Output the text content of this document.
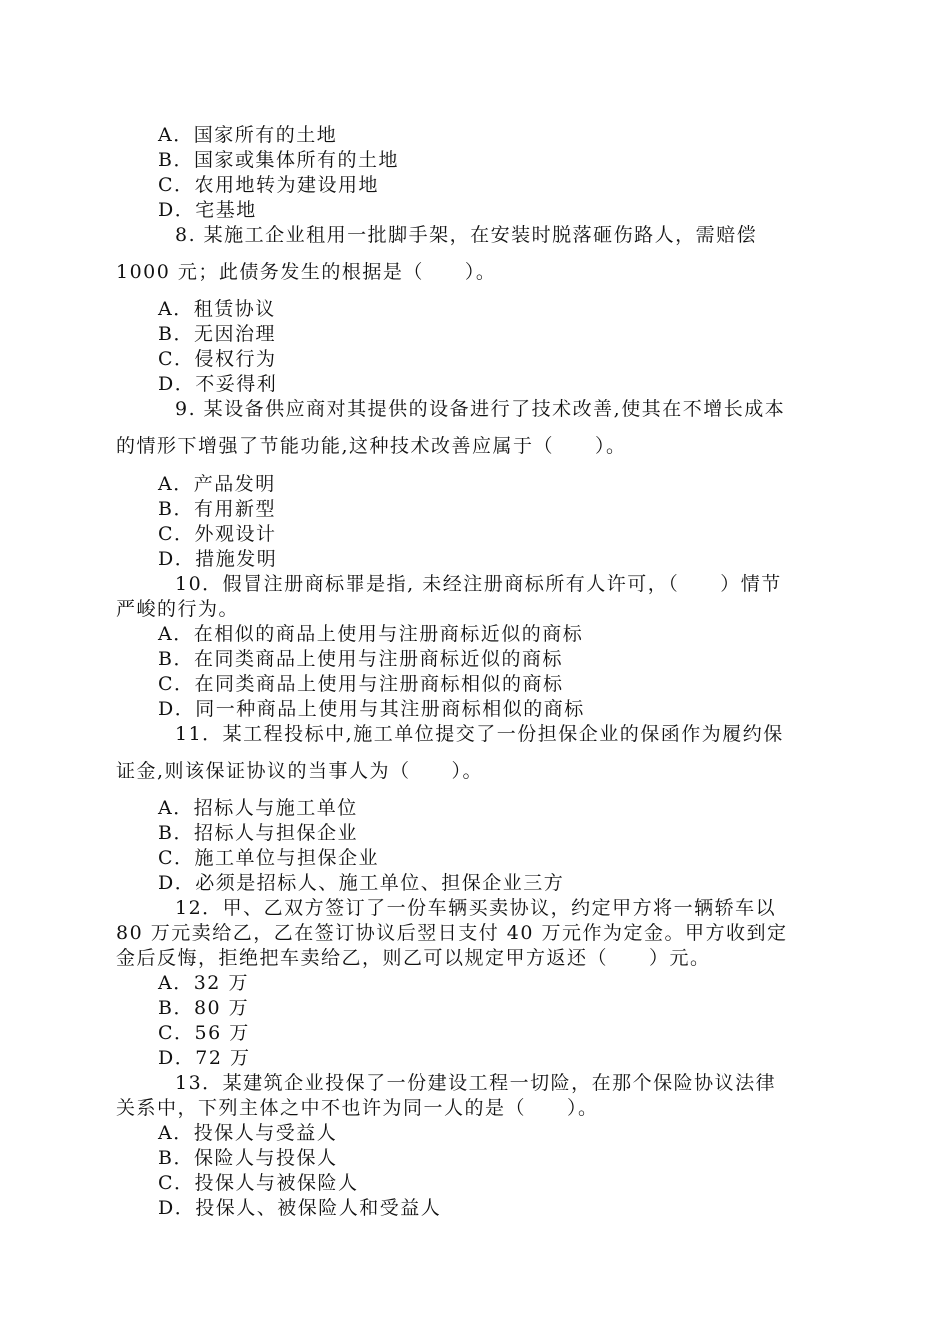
A．国家所有的土地
B．国家或集体所有的土地
C．农用地转为建设用地
D．宅基地
8. 某施工企业租用一批脚手架，在安装时脱落砸伤路人，需赔偿
1000 元；此债务发生的根据是（　　）。
A．租赁协议
B．无因治理
C．侵权行为
D．不妥得利
9. 某设备供应商对其提供的设备进行了技术改善,使其在不增长成本
的情形下增强了节能功能,这种技术改善应属于（　　）。
A．产品发明
B．有用新型
C．外观设计
D．措施发明
10．假冒注册商标罪是指, 未经注册商标所有人许可，（　　）情节
严峻的行为。
A．在相似的商品上使用与注册商标近似的商标
B．在同类商品上使用与注册商标近似的商标
C．在同类商品上使用与注册商标相似的商标
D．同一种商品上使用与其注册商标相似的商标
11．某工程投标中,施工单位提交了一份担保企业的保函作为履约保
证金,则该保证协议的当事人为（　　）。
A．招标人与施工单位
B．招标人与担保企业
C．施工单位与担保企业
D．必须是招标人、施工单位、担保企业三方
12．甲、乙双方签订了一份车辆买卖协议，约定甲方将一辆轿车以
80 万元卖给乙，乙在签订协议后翌日支付 40 万元作为定金。甲方收到定
金后反悔，拒绝把车卖给乙，则乙可以规定甲方返还（　　）元。
A．32 万
B．80 万
C．56 万
D．72 万
13．某建筑企业投保了一份建设工程一切险，在那个保险协议法律
关系中，下列主体之中不也许为同一人的是（　　）。
A．投保人与受益人
B．保险人与投保人
C．投保人与被保险人
D．投保人、被保险人和受益人
